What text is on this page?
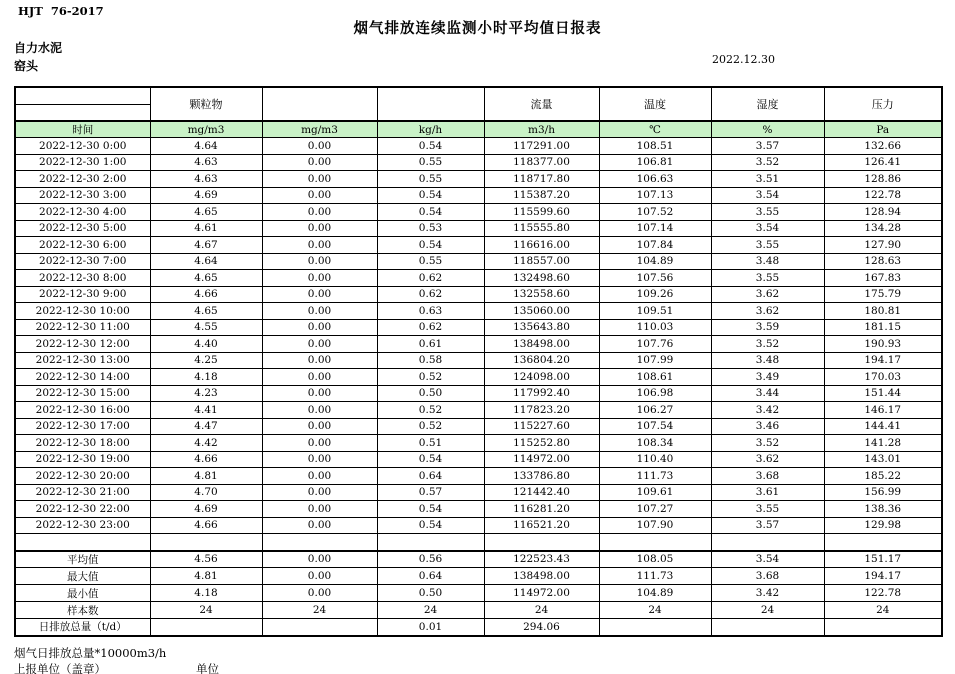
HJT  76-2017
烟气排放连续监测小时平均值日报表
自力水泥
窑头	2022.12.30
	颗粒物			流量	温度	湿度	压力

时间	mg/m3	mg/m3	kg/h	m3/h	℃	%	Pa
2022-12-30 0:00	4.64	0.00	0.54	117291.00	108.51	3.57	132.66
2022-12-30 1:00	4.63	0.00	0.55	118377.00	106.81	3.52	126.41
2022-12-30 2:00	4.63	0.00	0.55	118717.80	106.63	3.51	128.86
2022-12-30 3:00	4.69	0.00	0.54	115387.20	107.13	3.54	122.78
2022-12-30 4:00	4.65	0.00	0.54	115599.60	107.52	3.55	128.94
2022-12-30 5:00	4.61	0.00	0.53	115555.80	107.14	3.54	134.28
2022-12-30 6:00	4.67	0.00	0.54	116616.00	107.84	3.55	127.90
2022-12-30 7:00	4.64	0.00	0.55	118557.00	104.89	3.48	128.63
2022-12-30 8:00	4.65	0.00	0.62	132498.60	107.56	3.55	167.83
2022-12-30 9:00	4.66	0.00	0.62	132558.60	109.26	3.62	175.79
2022-12-30 10:00	4.65	0.00	0.63	135060.00	109.51	3.62	180.81
2022-12-30 11:00	4.55	0.00	0.62	135643.80	110.03	3.59	181.15
2022-12-30 12:00	4.40	0.00	0.61	138498.00	107.76	3.52	190.93
2022-12-30 13:00	4.25	0.00	0.58	136804.20	107.99	3.48	194.17
2022-12-30 14:00	4.18	0.00	0.52	124098.00	108.61	3.49	170.03
2022-12-30 15:00	4.23	0.00	0.50	117992.40	106.98	3.44	151.44
2022-12-30 16:00	4.41	0.00	0.52	117823.20	106.27	3.42	146.17
2022-12-30 17:00	4.47	0.00	0.52	115227.60	107.54	3.46	144.41
2022-12-30 18:00	4.42	0.00	0.51	115252.80	108.34	3.52	141.28
2022-12-30 19:00	4.66	0.00	0.54	114972.00	110.40	3.62	143.01
2022-12-30 20:00	4.81	0.00	0.64	133786.80	111.73	3.68	185.22
2022-12-30 21:00	4.70	0.00	0.57	121442.40	109.61	3.61	156.99
2022-12-30 22:00	4.69	0.00	0.54	116281.20	107.27	3.55	138.36
2022-12-30 23:00	4.66	0.00	0.54	116521.20	107.90	3.57	129.98

平均值	4.56	0.00	0.56	122523.43	108.05	3.54	151.17
最大值	4.81	0.00	0.64	138498.00	111.73	3.68	194.17
最小值	4.18	0.00	0.50	114972.00	104.89	3.42	122.78
样本数	24	24	24	24	24	24	24
日排放总量（t/d）			0.01	294.06			
烟气日排放总量*10000m3/h
上报单位（盖章）	单位
